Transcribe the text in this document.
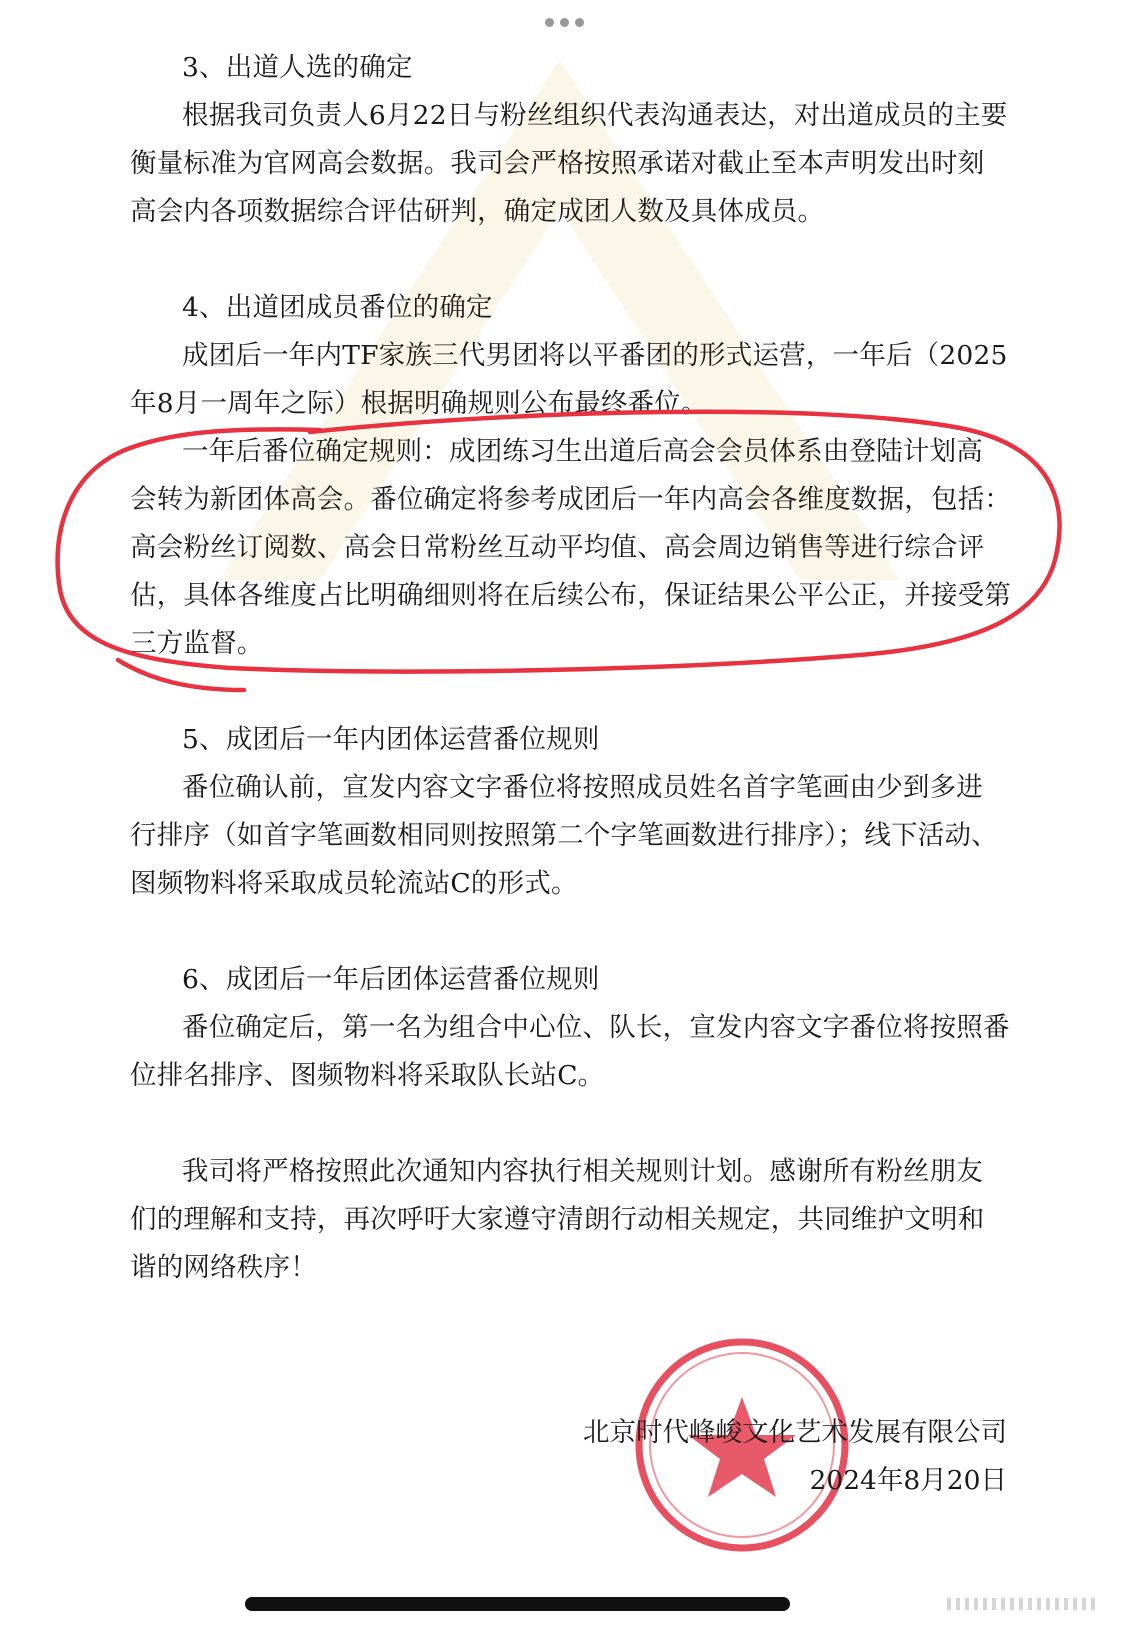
3、出道人选的确定
根据我司负责人6月22日与粉丝组织代表沟通表达，对出道成员的主要
衡量标准为官网高会数据。我司会严格按照承诺对截止至本声明发出时刻
高会内各项数据综合评估研判，确定成团人数及具体成员。
4、出道团成员番位的确定
成团后一年内TF家族三代男团将以平番团的形式运营，一年后（2025
年8月一周年之际）根据明确规则公布最终番位。
一年后番位确定规则：成团练习生出道后高会会员体系由登陆计划高
会转为新团体高会。番位确定将参考成团后一年内高会各维度数据，包括：
高会粉丝订阅数、高会日常粉丝互动平均值、高会周边销售等进行综合评
估，具体各维度占比明确细则将在后续公布，保证结果公平公正，并接受第
三方监督。
5、成团后一年内团体运营番位规则
番位确认前，宣发内容文字番位将按照成员姓名首字笔画由少到多进
行排序（如首字笔画数相同则按照第二个字笔画数进行排序）；线下活动、
图频物料将采取成员轮流站C的形式。
6、成团后一年后团体运营番位规则
番位确定后，第一名为组合中心位、队长，宣发内容文字番位将按照番
位排名排序、图频物料将采取队长站C。
我司将严格按照此次通知内容执行相关规则计划。感谢所有粉丝朋友
们的理解和支持，再次呼吁大家遵守清朗行动相关规定，共同维护文明和
谐的网络秩序！
北京时代峰峻文化艺术发展有限公司
2024年8月20日
